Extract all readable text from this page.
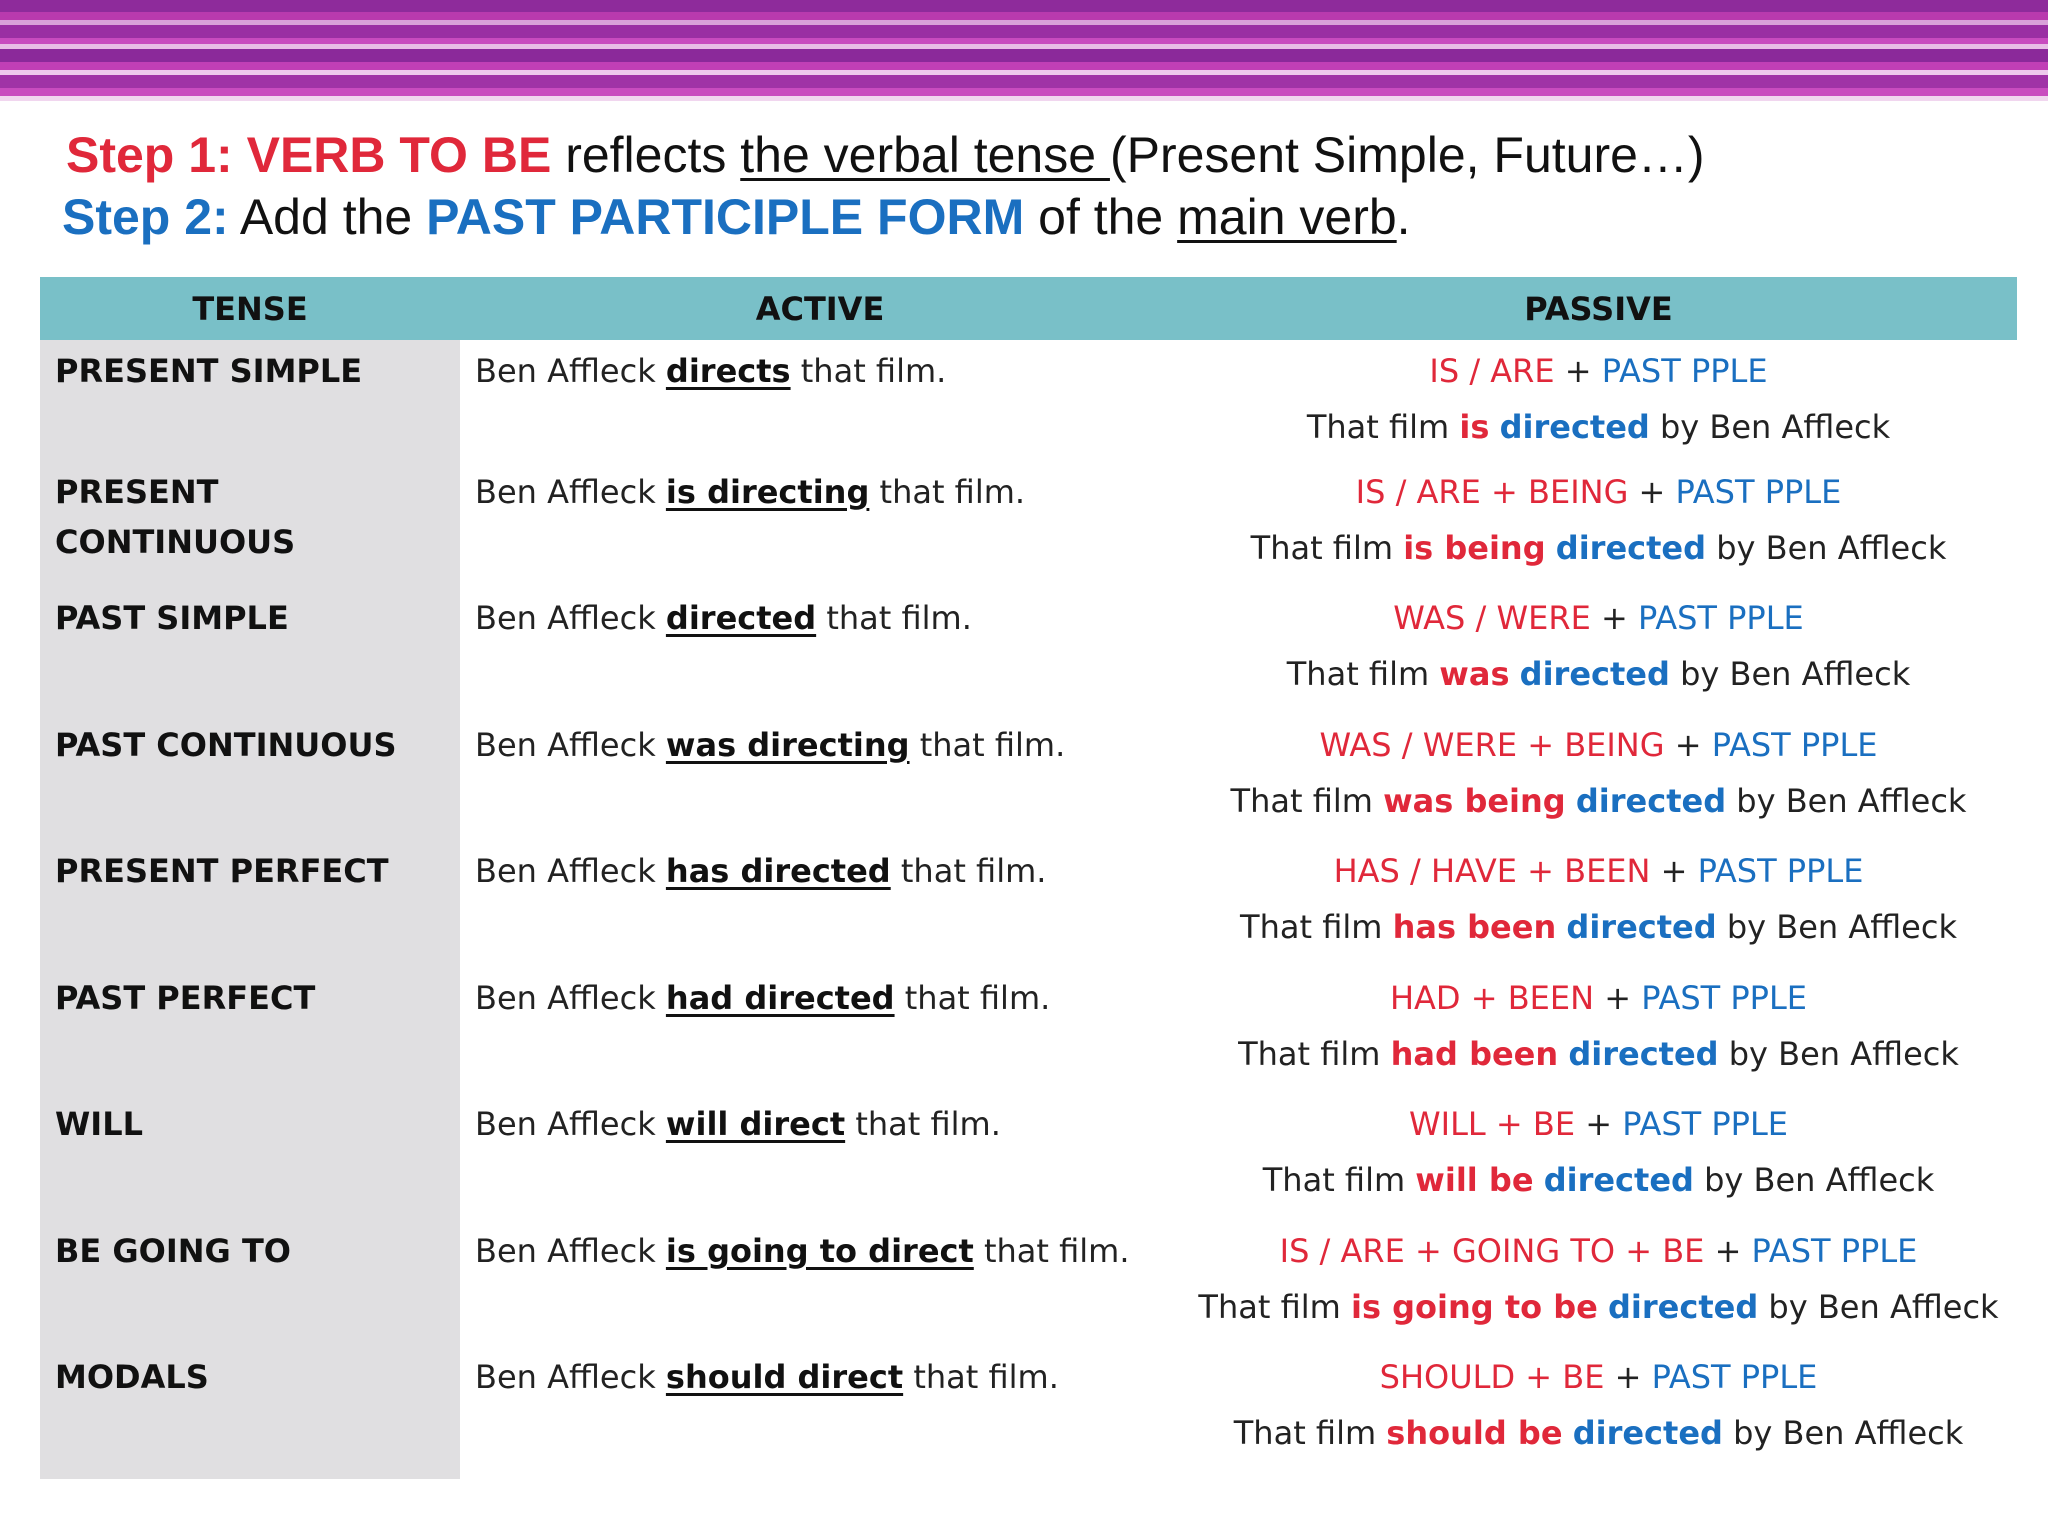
Step 1: VERB TO BE reflects the verbal tense (Present Simple, Future…)
Step 2: Add the PAST PARTICIPLE FORM of the main verb.
TENSE	ACTIVE	PASSIVE
PRESENT SIMPLE	Ben Affleck directs that film.	IS / ARE + PAST PPLE
That film is directed by Ben Affleck

PRESENT CONTINUOUS	Ben Affleck is directing that film.	IS / ARE + BEING + PAST PPLE
That film is being directed by Ben Affleck

PAST SIMPLE	Ben Affleck directed that film.	WAS / WERE + PAST PPLE
That film was directed by Ben Affleck

PAST CONTINUOUS	Ben Affleck was directing that film.	WAS / WERE + BEING + PAST PPLE
That film was being directed by Ben Affleck

PRESENT PERFECT	Ben Affleck has directed that film.	HAS / HAVE + BEEN + PAST PPLE
That film has been directed by Ben Affleck

PAST PERFECT	Ben Affleck had directed that film.	HAD + BEEN + PAST PPLE
That film had been directed by Ben Affleck

WILL	Ben Affleck will direct that film.	WILL + BE + PAST PPLE
That film will be directed by Ben Affleck

BE GOING TO	Ben Affleck is going to direct that film.	IS / ARE + GOING TO + BE + PAST PPLE
That film is going to be directed by Ben Affleck

MODALS	Ben Affleck should direct that film.	SHOULD + BE + PAST PPLE
That film should be directed by Ben Affleck
